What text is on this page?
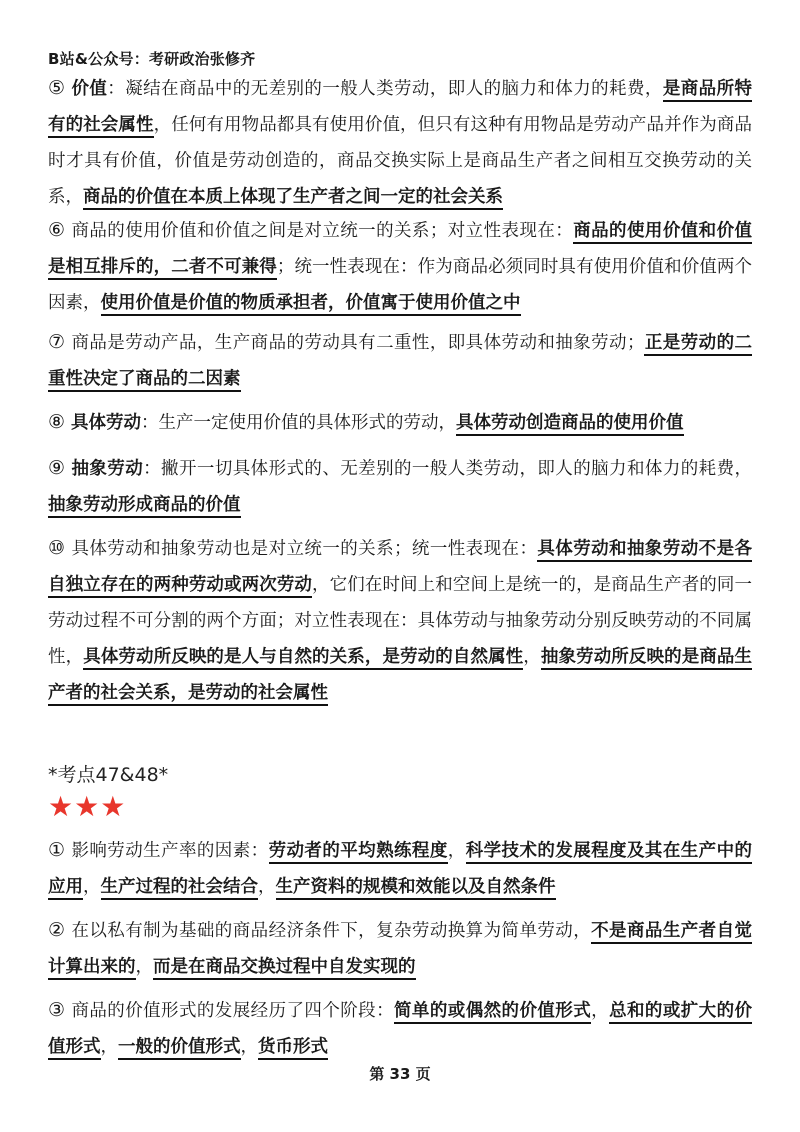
B站&公众号：考研政治张修齐
⑤ 价值：凝结在商品中的无差别的一般人类劳动，即人的脑力和体力的耗费，是商品所特有的社会属性，任何有用物品都具有使用价值，但只有这种有用物品是劳动产品并作为商品时才具有价值，价值是劳动创造的，商品交换实际上是商品生产者之间相互交换劳动的关系，商品的价值在本质上体现了生产者之间一定的社会关系
⑥ 商品的使用价值和价值之间是对立统一的关系；对立性表现在：商品的使用价值和价值是相互排斥的，二者不可兼得；统一性表现在：作为商品必须同时具有使用价值和价值两个因素，使用价值是价值的物质承担者，价值寓于使用价值之中
⑦ 商品是劳动产品，生产商品的劳动具有二重性，即具体劳动和抽象劳动；正是劳动的二重性决定了商品的二因素
⑧ 具体劳动：生产一定使用价值的具体形式的劳动，具体劳动创造商品的使用价值
⑨ 抽象劳动：撇开一切具体形式的、无差别的一般人类劳动，即人的脑力和体力的耗费，抽象劳动形成商品的价值
⑩ 具体劳动和抽象劳动也是对立统一的关系；统一性表现在：具体劳动和抽象劳动不是各自独立存在的两种劳动或两次劳动，它们在时间上和空间上是统一的，是商品生产者的同一劳动过程不可分割的两个方面；对立性表现在：具体劳动与抽象劳动分别反映劳动的不同属性，具体劳动所反映的是人与自然的关系，是劳动的自然属性，抽象劳动所反映的是商品生产者的社会关系，是劳动的社会属性
*考点47&48*
★★★
① 影响劳动生产率的因素：劳动者的平均熟练程度，科学技术的发展程度及其在生产中的应用，生产过程的社会结合，生产资料的规模和效能以及自然条件
② 在以私有制为基础的商品经济条件下，复杂劳动换算为简单劳动，不是商品生产者自觉计算出来的，而是在商品交换过程中自发实现的
③ 商品的价值形式的发展经历了四个阶段：简单的或偶然的价值形式，总和的或扩大的价值形式，一般的价值形式，货币形式
第 33 页
